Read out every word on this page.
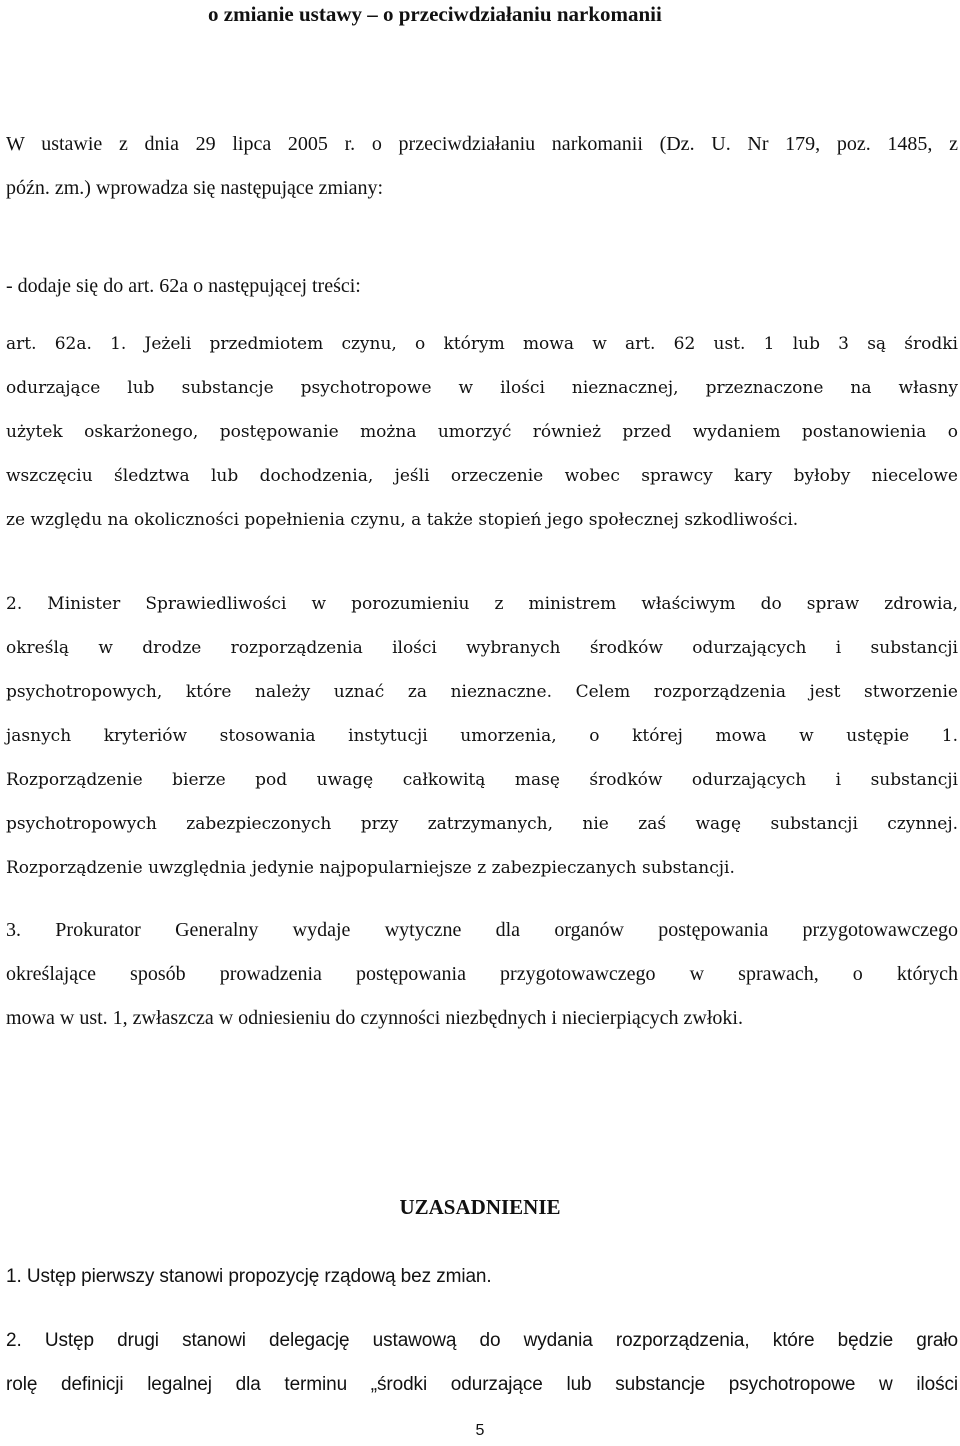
o zmianie ustawy – o przeciwdziałaniu narkomanii
W ustawie z dnia 29 lipca 2005 r. o przeciwdziałaniu narkomanii (Dz. U. Nr 179, poz. 1485, z
późn. zm.) wprowadza się następujące zmiany:
- dodaje się do art. 62a o następującej treści:
art. 62a. 1. Jeżeli przedmiotem czynu, o którym mowa w art. 62 ust. 1 lub 3 są środki
odurzające lub substancje psychotropowe w ilości nieznacznej, przeznaczone na własny
użytek oskarżonego, postępowanie można umorzyć również przed wydaniem postanowienia o
wszczęciu śledztwa lub dochodzenia, jeśli orzeczenie wobec sprawcy kary byłoby niecelowe
ze względu na okoliczności popełnienia czynu, a także stopień jego społecznej szkodliwości.
2. Minister Sprawiedliwości w porozumieniu z ministrem właściwym do spraw zdrowia,
określą w drodze rozporządzenia ilości wybranych środków odurzających i substancji
psychotropowych, które należy uznać za nieznaczne. Celem rozporządzenia jest stworzenie
jasnych kryteriów stosowania instytucji umorzenia, o której mowa w ustępie 1.
Rozporządzenie bierze pod uwagę całkowitą masę środków odurzających i substancji
psychotropowych zabezpieczonych przy zatrzymanych, nie zaś wagę substancji czynnej.
Rozporządzenie uwzględnia jedynie najpopularniejsze z zabezpieczanych substancji.
3. Prokurator Generalny wydaje wytyczne dla organów postępowania przygotowawczego
określające sposób prowadzenia postępowania przygotowawczego w sprawach, o których
mowa w ust. 1, zwłaszcza w odniesieniu do czynności niezbędnych i niecierpiących zwłoki.
UZASADNIENIE
1. Ustęp pierwszy stanowi propozycję rządową bez zmian.
2. Ustęp drugi stanowi delegację ustawową do wydania rozporządzenia, które będzie grało
rolę definicji legalnej dla terminu „środki odurzające lub substancje psychotropowe w ilości
5
